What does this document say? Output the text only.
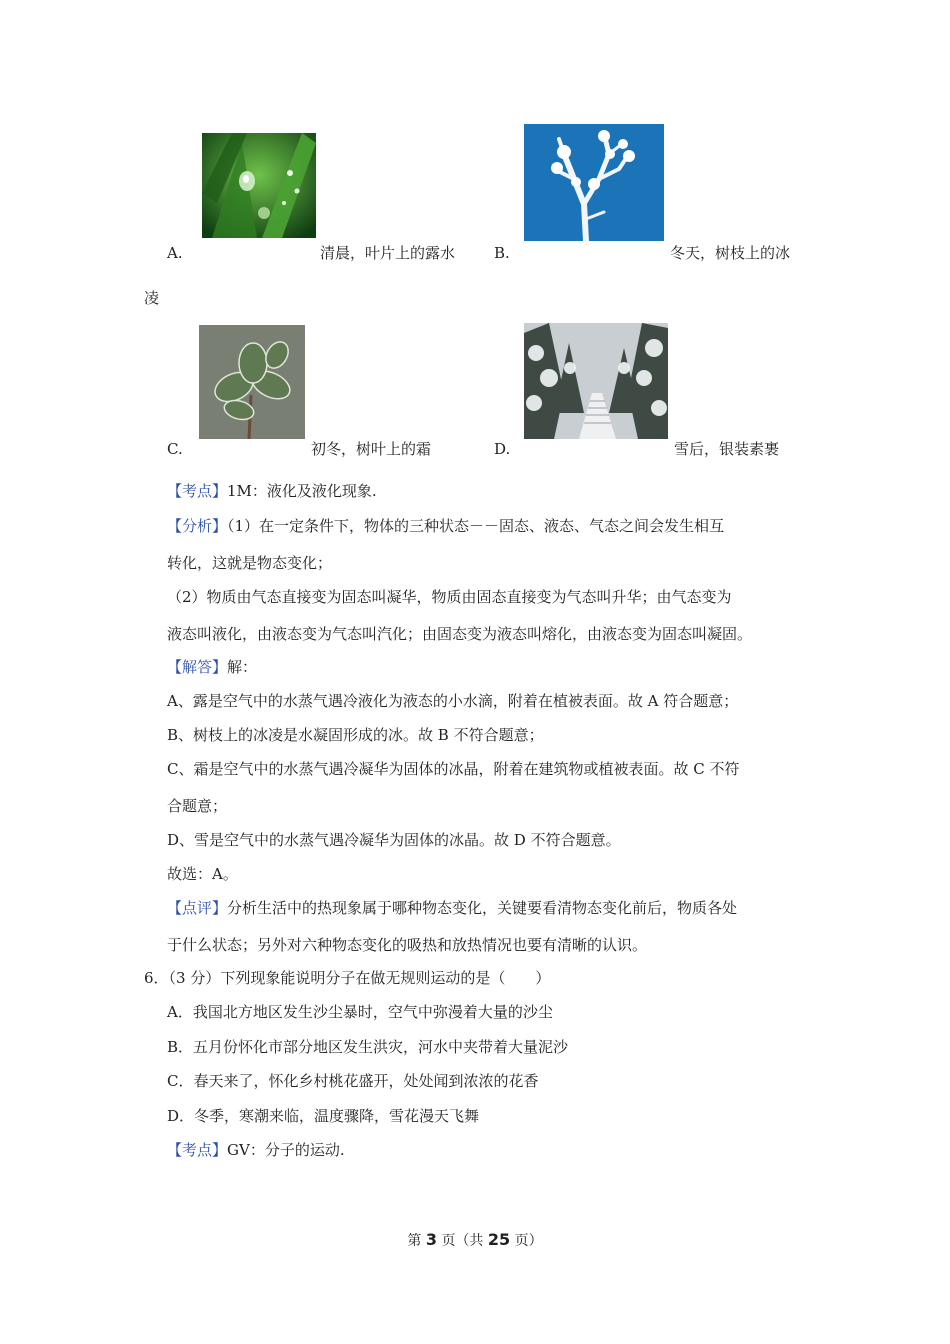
A.	清晨，叶片上的露水	B.	冬天，树枝上的冰
凌
C.	初冬，树叶上的霜	D.	雪后，银装素裹
【考点】1M：液化及液化现象.
【分析】（1）在一定条件下，物体的三种状态－－固态、液态、气态之间会发生相互
转化，这就是物态变化；
（2）物质由气态直接变为固态叫凝华，物质由固态直接变为气态叫升华；由气态变为
液态叫液化，由液态变为气态叫汽化；由固态变为液态叫熔化，由液态变为固态叫凝固。
【解答】解：
A、露是空气中的水蒸气遇冷液化为液态的小水滴，附着在植被表面。故 A 符合题意；
B、树枝上的冰凌是水凝固形成的冰。故 B 不符合题意；
C、霜是空气中的水蒸气遇冷凝华为固体的冰晶，附着在建筑物或植被表面。故 C 不符
合题意；
D、雪是空气中的水蒸气遇冷凝华为固体的冰晶。故 D 不符合题意。
故选：A。
【点评】分析生活中的热现象属于哪种物态变化，关键要看清物态变化前后，物质各处
于什么状态；另外对六种物态变化的吸热和放热情况也要有清晰的认识。
6．（3 分）下列现象能说明分子在做无规则运动的是（　　）
A．我国北方地区发生沙尘暴时，空气中弥漫着大量的沙尘
B．五月份怀化市部分地区发生洪灾，河水中夹带着大量泥沙
C．春天来了，怀化乡村桃花盛开，处处闻到浓浓的花香
D．冬季，寒潮来临，温度骤降，雪花漫天飞舞
【考点】GV：分子的运动.
第 3 页（共 25 页）
